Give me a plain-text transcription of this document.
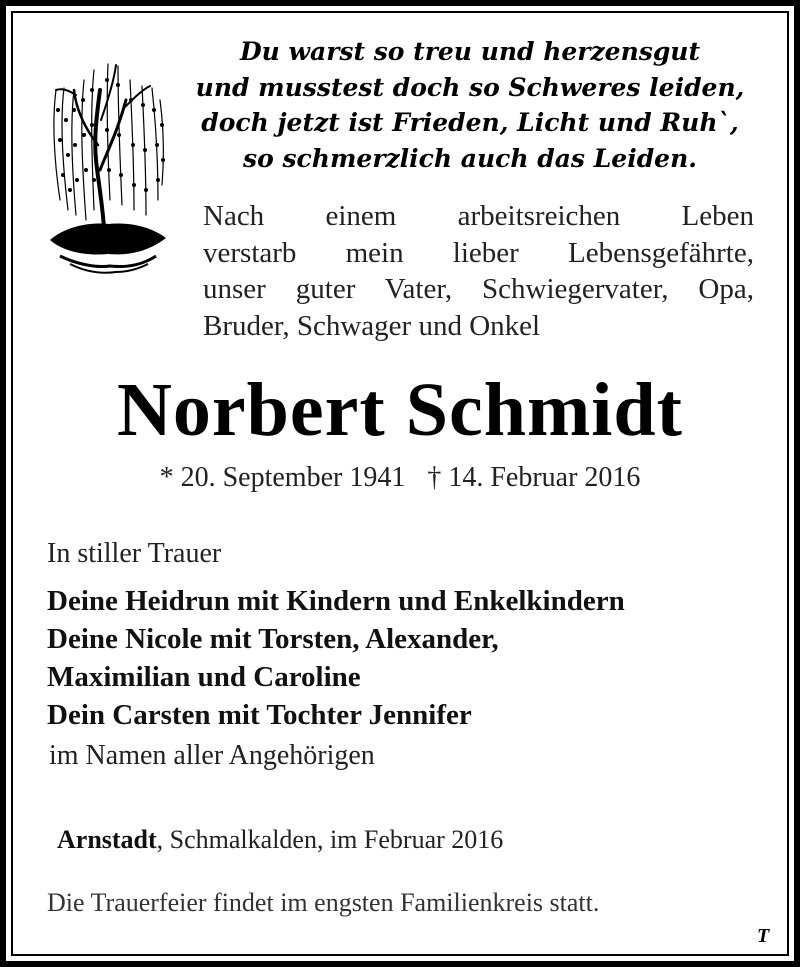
Du warst so treu und herzensgut
und musstest doch so Schweres leiden,
doch jetzt ist Frieden, Licht und Ruh`,
so schmerzlich auch das Leiden.
Nach einem arbeitsreichen Leben
verstarb mein lieber Lebensgefährte,
unser guter Vater, Schwiegervater, Opa,
Bruder, Schwager und Onkel
Norbert Schmidt
* 20. September 1941 † 14. Februar 2016
In stiller Trauer
Deine Heidrun mit Kindern und Enkelkindern
Deine Nicole mit Torsten, Alexander,
Maximilian und Caroline
Dein Carsten mit Tochter Jennifer
im Namen aller Angehörigen
Arnstadt, Schmalkalden, im Februar 2016
Die Trauerfeier findet im engsten Familienkreis statt.
T
